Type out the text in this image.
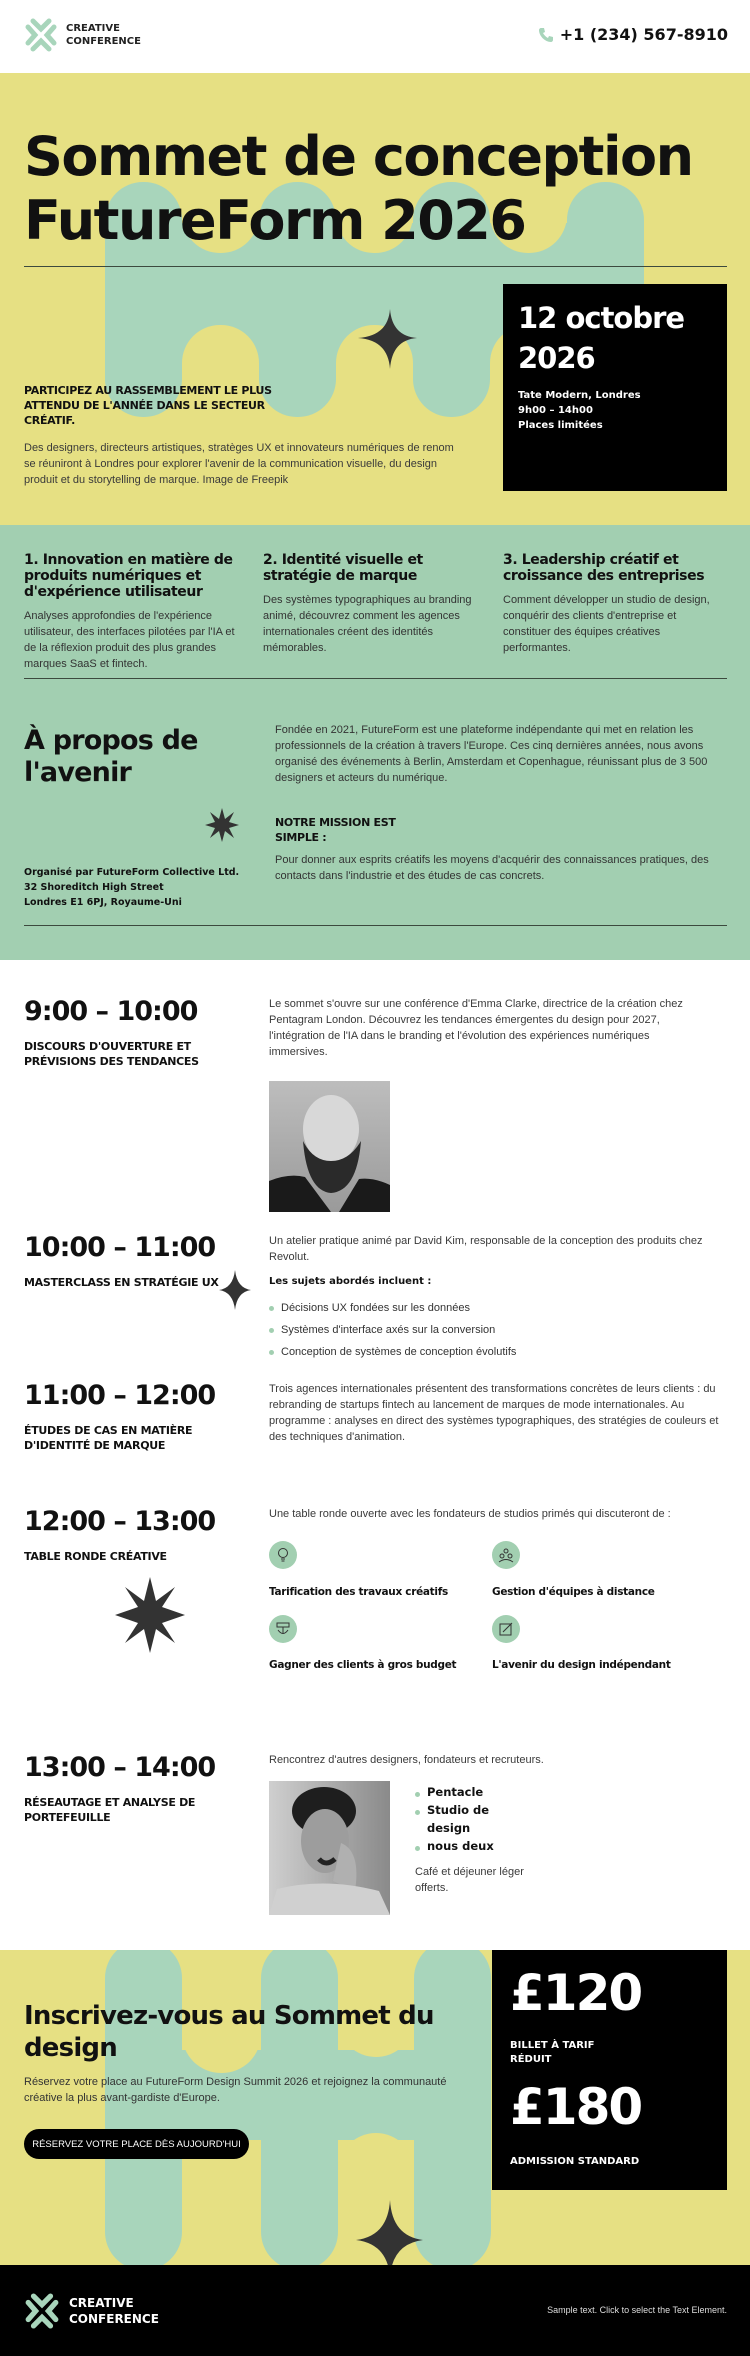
CREATIVE
CONFERENCE	+1 (234) 567-8910
Sommet de conception
FutureForm 2026
PARTICIPEZ AU RASSEMBLEMENT LE PLUS ATTENDU DE L'ANNÉE DANS LE SECTEUR CRÉATIF.

Des designers, directeurs artistiques, stratèges UX et innovateurs numériques de renom se réuniront à Londres pour explorer l'avenir de la communication visuelle, du design produit et du storytelling de marque. Image de Freepik

12 octobre 2026
Tate Modern, Londres
9h00 – 14h00
Places limitées
1. Innovation en matière de produits numériques et d'expérience utilisateur

Analyses approfondies de l'expérience utilisateur, des interfaces pilotées par l'IA et de la réflexion produit des plus grandes marques SaaS et fintech.

2. Identité visuelle et stratégie de marque

Des systèmes typographiques au branding animé, découvrez comment les agences internationales créent des identités mémorables.

3. Leadership créatif et croissance des entreprises

Comment développer un studio de design, conquérir des clients d'entreprise et constituer des équipes créatives performantes.

À propos de l'avenir

Fondée en 2021, FutureForm est une plateforme indépendante qui met en relation les professionnels de la création à travers l'Europe. Ces cinq dernières années, nous avons organisé des événements à Berlin, Amsterdam et Copenhague, réunissant plus de 3 500 designers et acteurs du numérique.

NOTRE MISSION EST SIMPLE :

Pour donner aux esprits créatifs les moyens d'acquérir des connaissances pratiques, des contacts dans l'industrie et des études de cas concrets.

Organisé par FutureForm Collective Ltd.
32 Shoreditch High Street
Londres E1 6PJ, Royaume-Uni
9:00 – 10:00
DISCOURS D'OUVERTURE ET PRÉVISIONS DES TENDANCES

Le sommet s'ouvre sur une conférence d'Emma Clarke, directrice de la création chez Pentagram London. Découvrez les tendances émergentes du design pour 2027, l'intégration de l'IA dans le branding et l'évolution des expériences numériques immersives.

10:00 – 11:00
MASTERCLASS EN STRATÉGIE UX

Un atelier pratique animé par David Kim, responsable de la conception des produits chez Revolut.

Les sujets abordés incluent :
Décisions UX fondées sur les données
Systèmes d'interface axés sur la conversion
Conception de systèmes de conception évolutifs
11:00 – 12:00
ÉTUDES DE CAS EN MATIÈRE D'IDENTITÉ DE MARQUE

Trois agences internationales présentent des transformations concrètes de leurs clients : du rebranding de startups fintech au lancement de marques de mode internationales. Au programme : analyses en direct des systèmes typographiques, des stratégies de couleurs et des techniques d'animation.

12:00 – 13:00
TABLE RONDE CRÉATIVE

Une table ronde ouverte avec les fondateurs de studios primés qui discuteront de :

Tarification des travaux créatifs	Gestion d'équipes à distance
Gagner des clients à gros budget	L'avenir du design indépendant
13:00 – 14:00
RÉSEAUTAGE ET ANALYSE DE PORTEFEUILLE

Rencontrez d'autres designers, fondateurs et recruteurs.

Pentacle
Studio de design
nous deux

Café et déjeuner léger offerts.

Inscrivez-vous au Sommet du design

Réservez votre place au FutureForm Design Summit 2026 et rejoignez la communauté créative la plus avant-gardiste d'Europe.

RÉSERVEZ VOTRE PLACE DÈS AUJOURD'HUI
£120
BILLET À TARIF RÉDUIT
£180
ADMISSION STANDARD
CREATIVE
CONFERENCE
Sample text. Click to select the Text Element.
